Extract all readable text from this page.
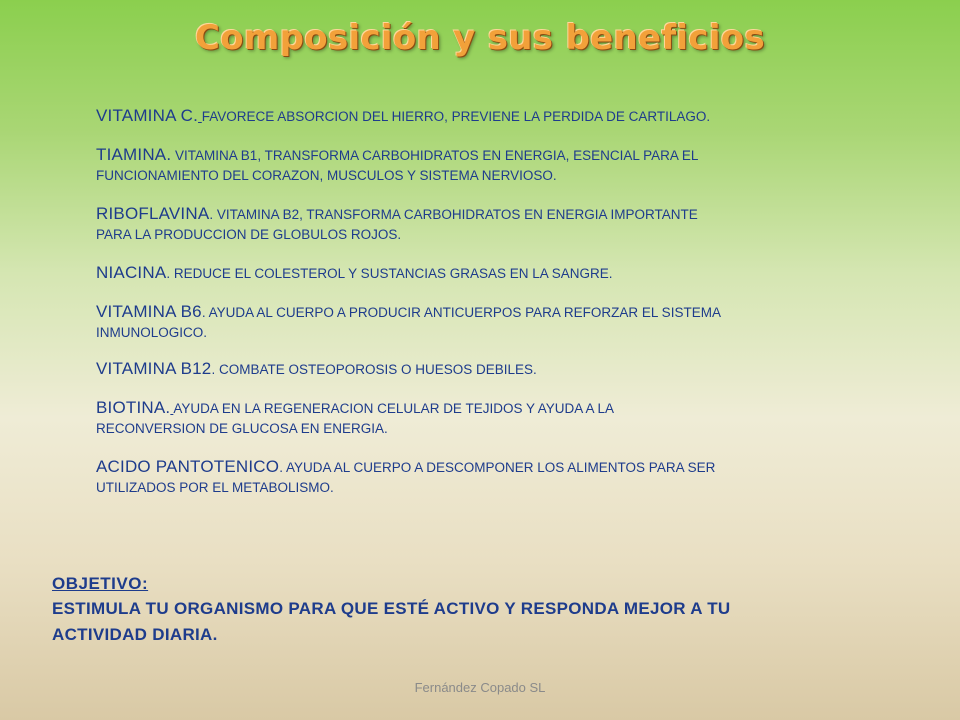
Composición y sus beneficios
VITAMINA C. FAVORECE ABSORCION DEL HIERRO, PREVIENE LA PERDIDA DE CARTILAGO.
TIAMINA. VITAMINA B1, TRANSFORMA CARBOHIDRATOS EN ENERGIA, ESENCIAL PARA EL
FUNCIONAMIENTO DEL CORAZON, MUSCULOS Y SISTEMA NERVIOSO.
RIBOFLAVINA. VITAMINA B2, TRANSFORMA CARBOHIDRATOS EN ENERGIA IMPORTANTE
PARA LA PRODUCCION DE GLOBULOS ROJOS.
NIACINA. REDUCE EL COLESTEROL Y SUSTANCIAS GRASAS EN LA SANGRE.
VITAMINA B6. AYUDA AL CUERPO A PRODUCIR ANTICUERPOS PARA REFORZAR EL SISTEMA
INMUNOLOGICO.
VITAMINA B12. COMBATE OSTEOPOROSIS O HUESOS DEBILES.
BIOTINA. AYUDA EN LA REGENERACION CELULAR DE TEJIDOS Y AYUDA A LA
RECONVERSION DE GLUCOSA EN ENERGIA.
ACIDO PANTOTENICO. AYUDA AL CUERPO A DESCOMPONER LOS ALIMENTOS PARA SER
UTILIZADOS POR EL METABOLISMO.
OBJETIVO:
ESTIMULA TU ORGANISMO PARA QUE ESTÉ ACTIVO Y RESPONDA MEJOR A TU
ACTIVIDAD DIARIA.
Fernández Copado SL
